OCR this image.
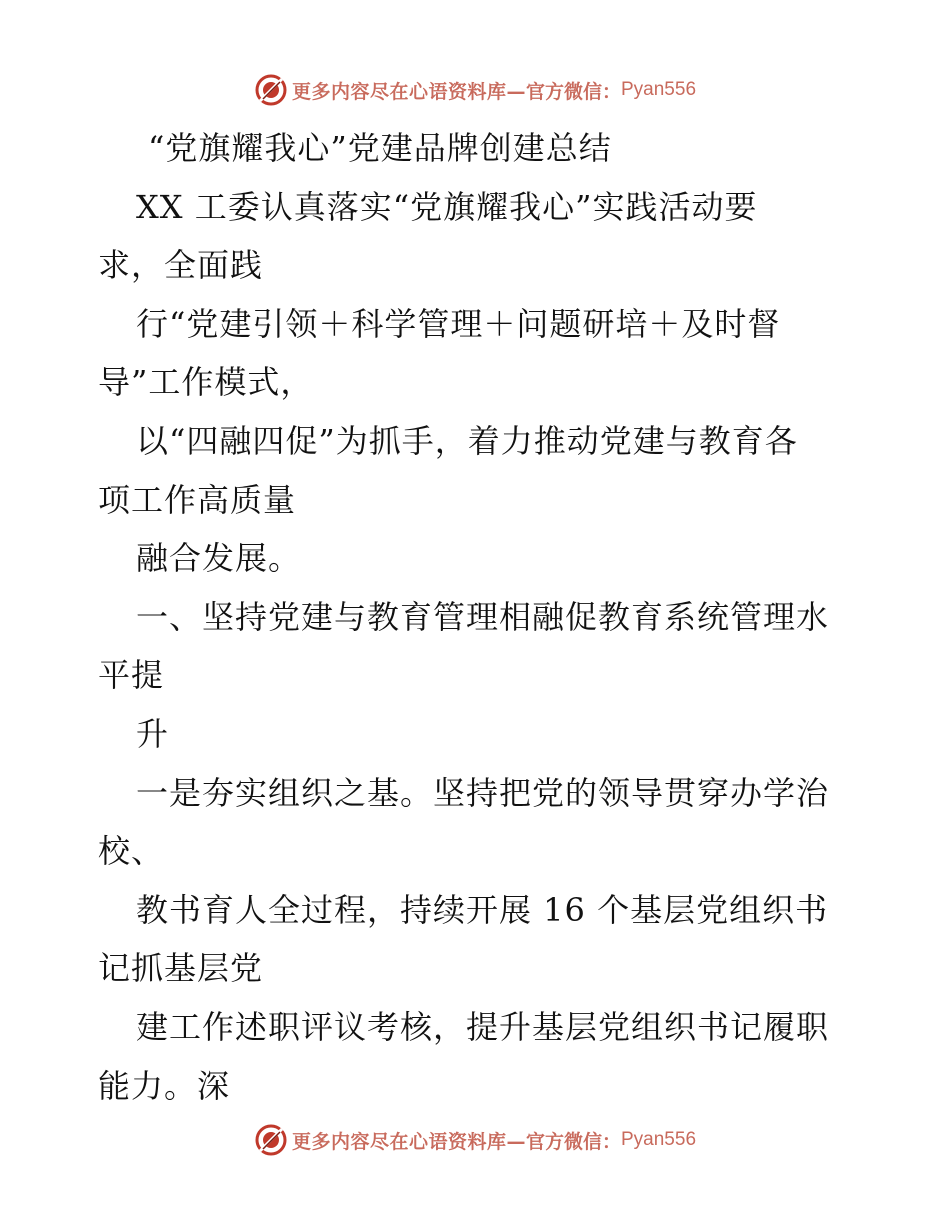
更多内容尽在心语资料库— 官方微信： Pyan556
“党旗耀我心”党建品牌创建总结
XX 工委认真落实“党旗耀我心”实践活动要
求，全面践
行“党建引领＋科学管理＋问题研培＋及时督
导”工作模式，
以“四融四促”为抓手，着力推动党建与教育各
项工作高质量
融合发展。
一、坚持党建与教育管理相融促教育系统管理水
平提
升
一是夯实组织之基。坚持把党的领导贯穿办学治
校、
教书育人全过程，持续开展 16 个基层党组织书
记抓基层党
建工作述职评议考核，提升基层党组织书记履职
能力。深
更多内容尽在心语资料库— 官方微信： Pyan556
